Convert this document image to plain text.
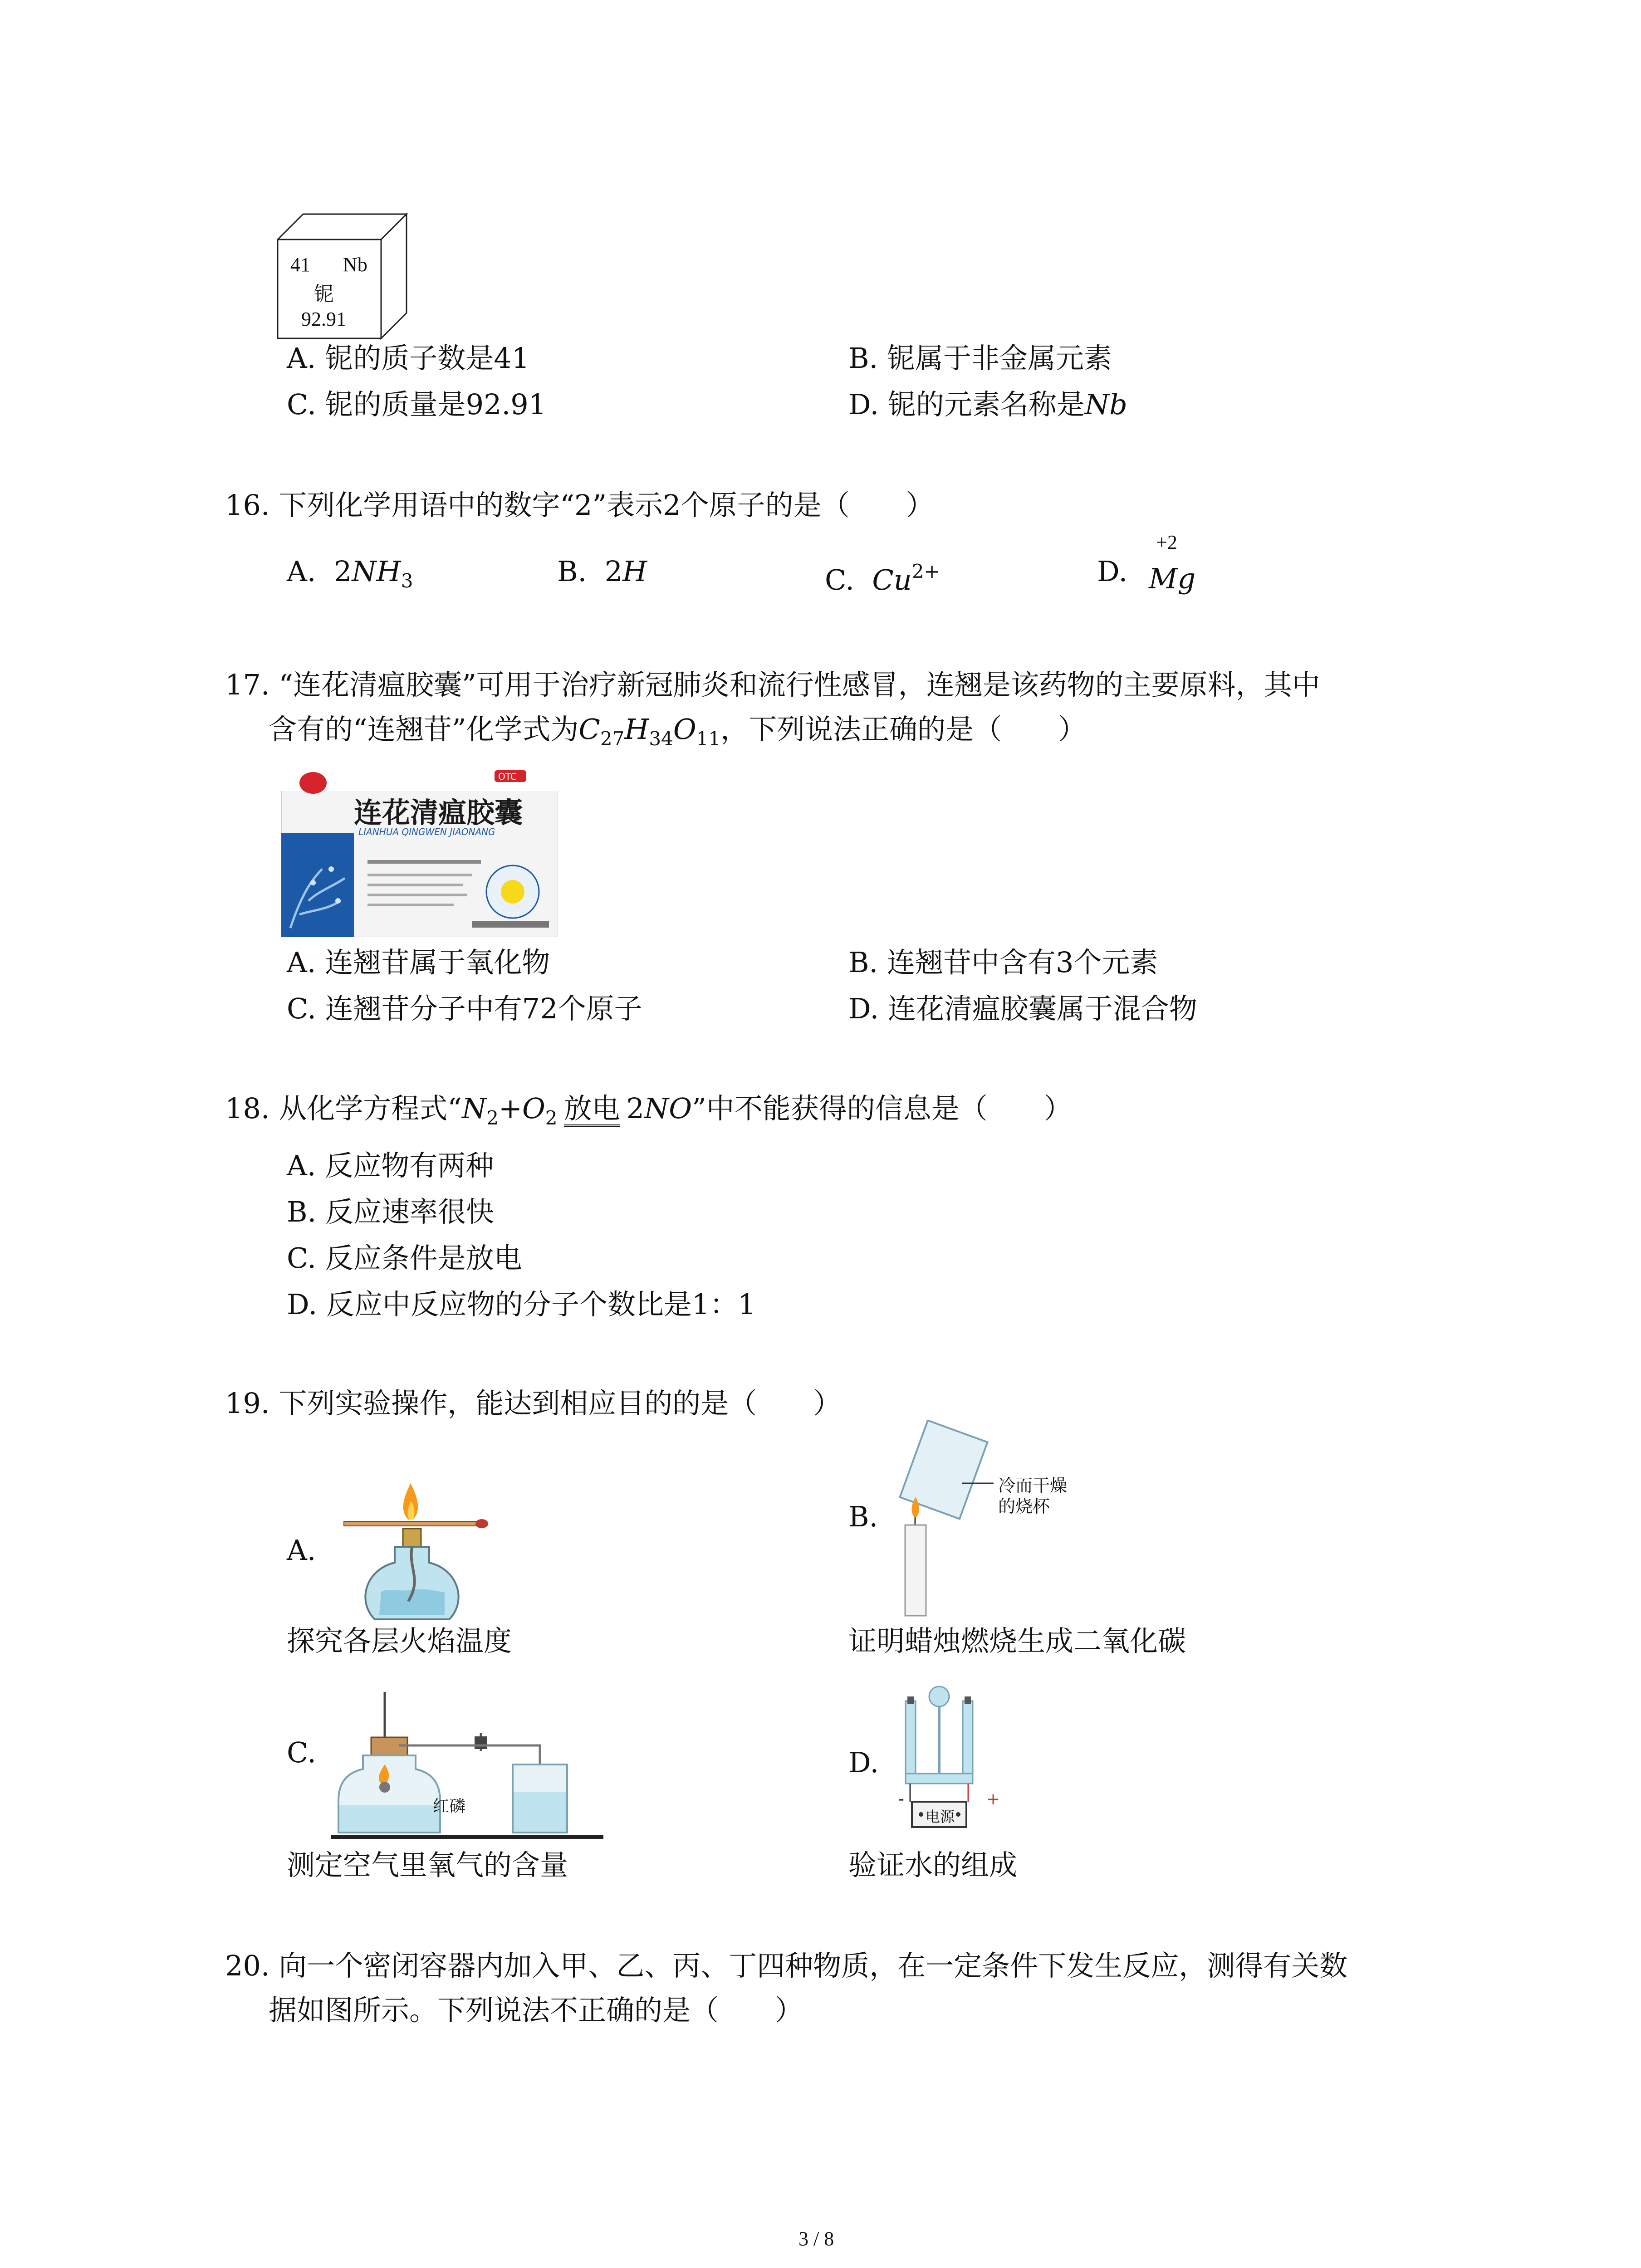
41 Nb
铌
92.91
A. 铌的质子数是41	B. 铌属于非金属元素
C. 铌的质量是92.91	D. 铌的元素名称是Nb
16. 下列化学用语中的数字“2”表示2个原子的是（　　）
A. $2NH_3$	B. 2H	C. $Cu^{2+}$	D.
+2
Mg
17. “连花清瘟胶囊”可用于治疗新冠肺炎和流行性感冒，连翘是该药物的主要原料，其中
含有的“连翘苷”化学式为$C_{27}H_{34}O_{11}$，下列说法正确的是（　　）
连花清瘟胶囊
LIANHUA QINGWEN JIAONANG
OTC
A. 连翘苷属于氧化物	B. 连翘苷中含有3个元素
C. 连翘苷分子中有72个原子	D. 连花清瘟胶囊属于混合物
18. 从化学方程式“$N_2+O_2$ 放电 2NO”中不能获得的信息是（　　）
A. 反应物有两种
B. 反应速率很快
C. 反应条件是放电
D. 反应中反应物的分子个数比是1：1
19. 下列实验操作，能达到相应目的的是（　　）
A.
探究各层火焰温度
B.
冷而干燥
的烧杯
证明蜡烛燃烧生成二氧化碳
C.
红磷
测定空气里氧气的含量
D.
电源
-	+
验证水的组成
20. 向一个密闭容器内加入甲、乙、丙、丁四种物质，在一定条件下发生反应，测得有关数
据如图所示。下列说法不正确的是（　　）
3 / 8
